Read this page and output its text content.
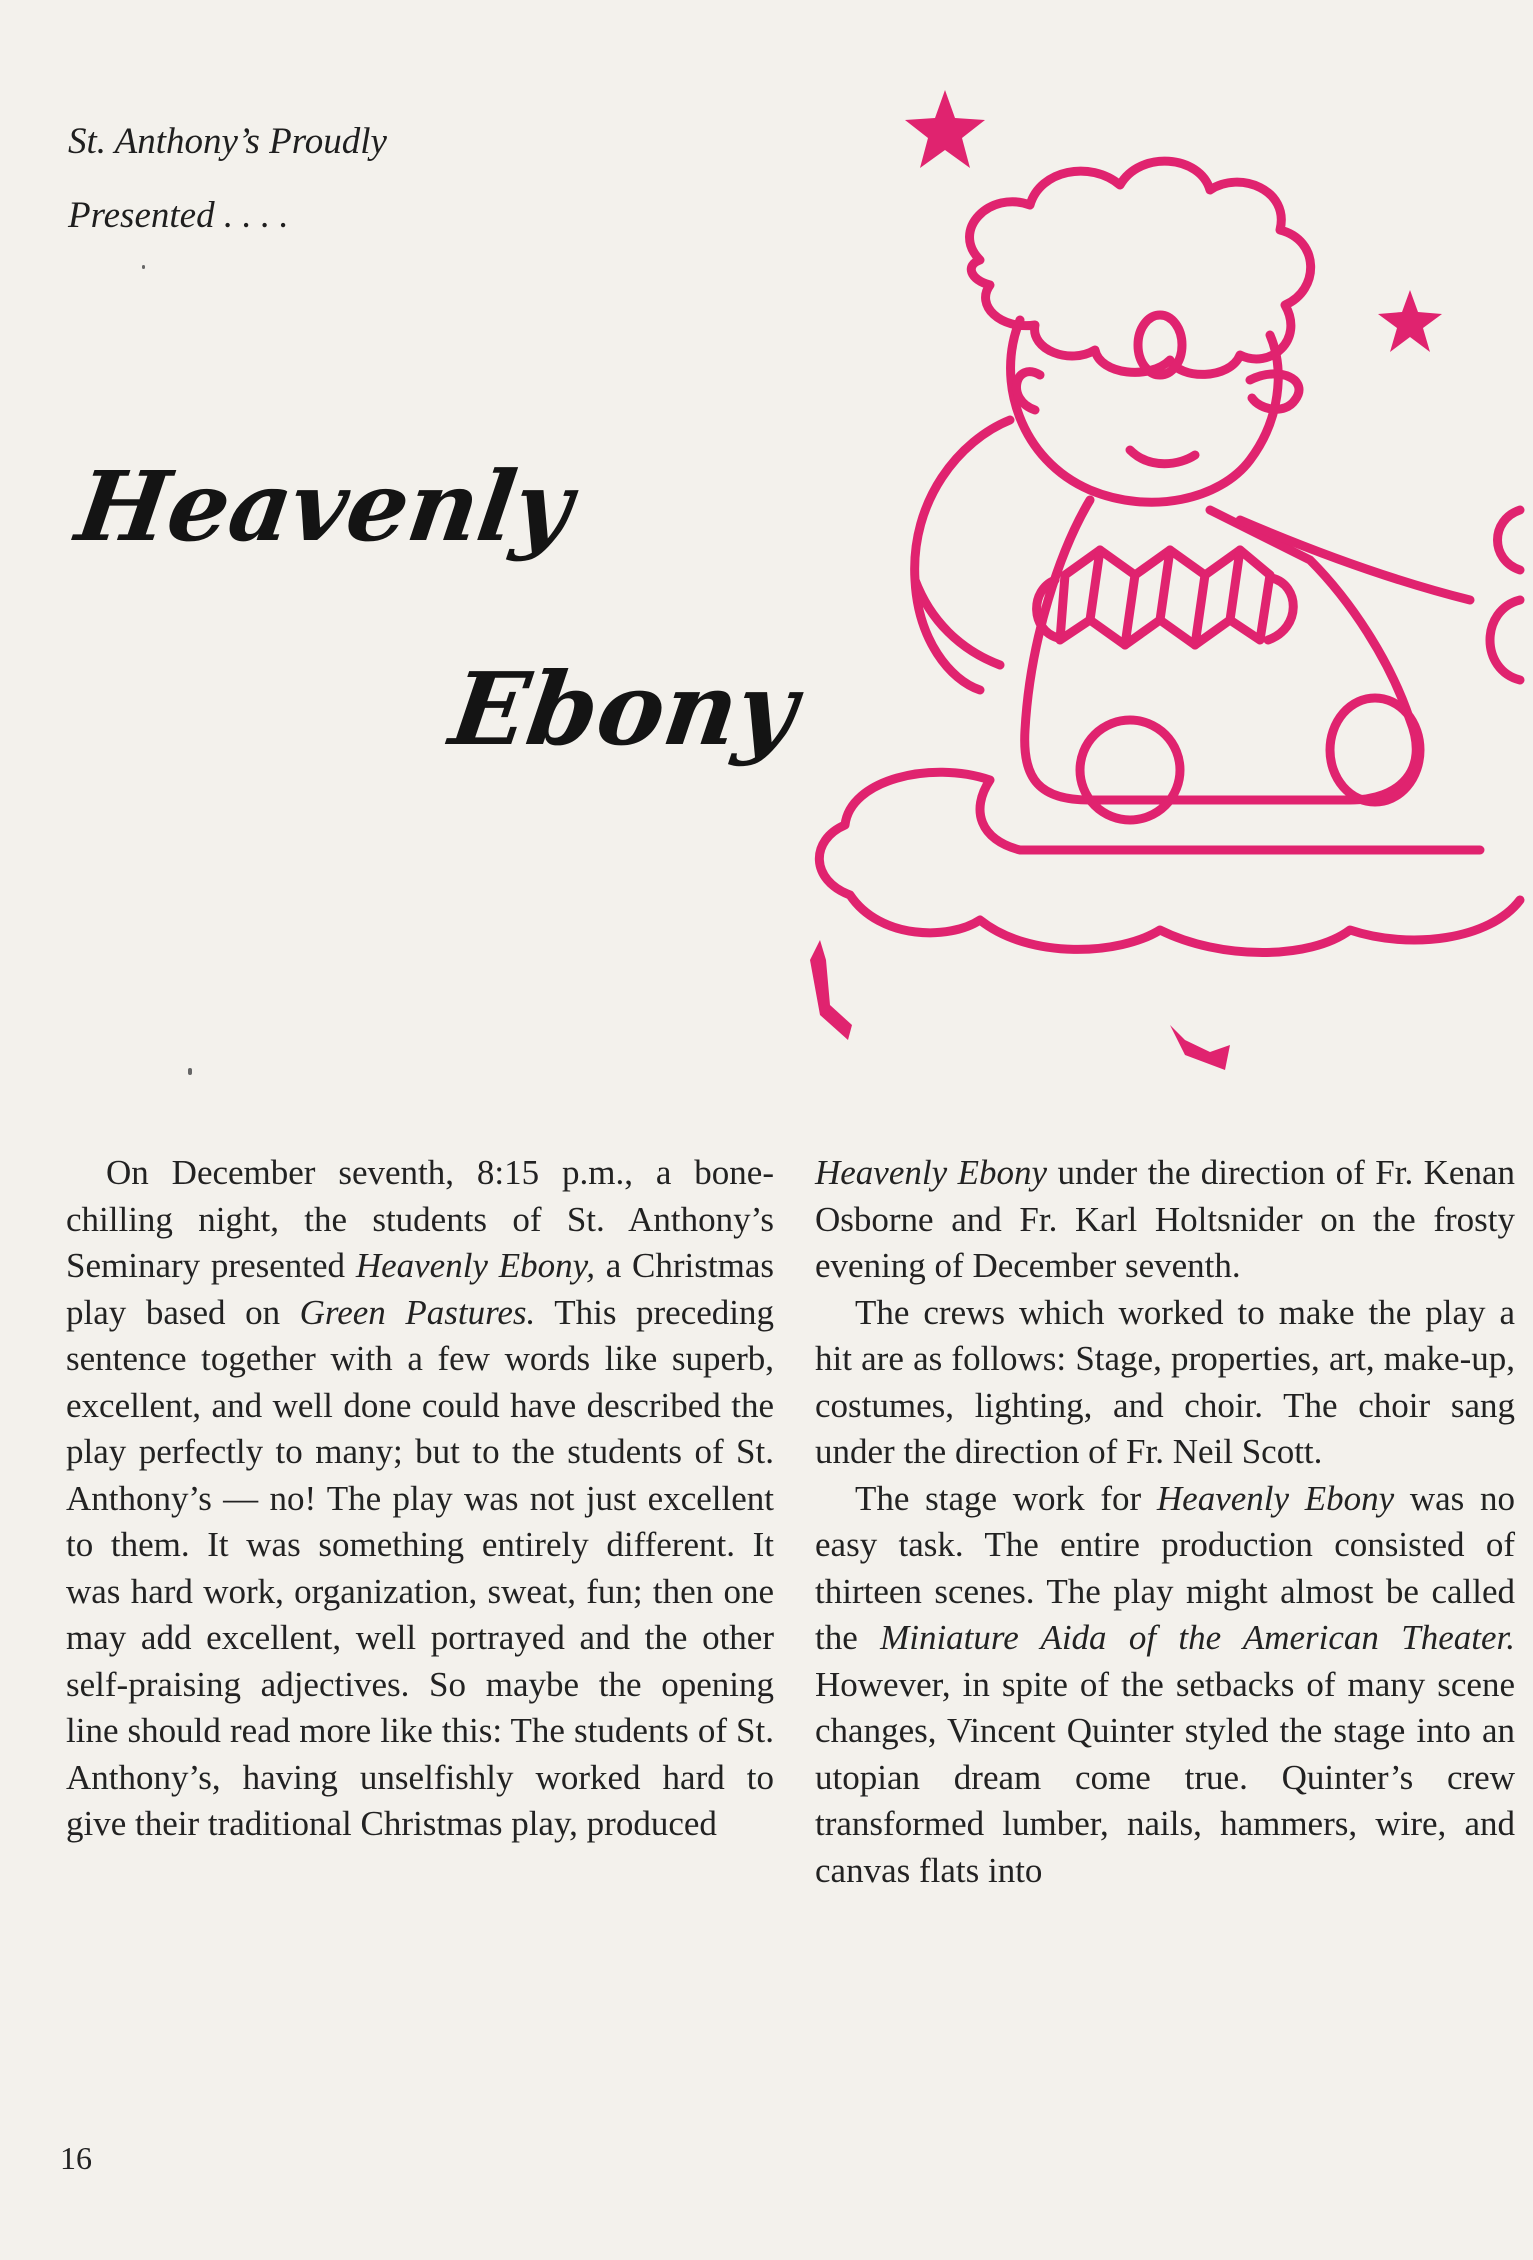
St. Anthony’s Proudly
Presented . . . .
Heavenly
Ebony

On December seventh, 8:15 p.m., a bone-chilling night, the students of St. Anthony’s Seminary presented Heavenly Ebony, a Christmas play based on Green Pastures. This preceding sentence together with a few words like superb, excellent, and well done could have described the play perfectly to many; but to the students of St. Anthony’s — no! The play was not just excellent to them. It was something entirely different. It was hard work, organization, sweat, fun; then one may add excellent, well portrayed and the other self-praising adjectives. So maybe the opening line should read more like this: The students of St. Anthony’s, having unselfishly worked hard to give their traditional Christmas play, produced

Heavenly Ebony under the direction of Fr. Kenan Osborne and Fr. Karl Holtsnider on the frosty evening of December seventh.

The crews which worked to make the play a hit are as follows: Stage, properties, art, make-up, costumes, lighting, and choir. The choir sang under the direction of Fr. Neil Scott.

The stage work for Heavenly Ebony was no easy task. The entire production consisted of thirteen scenes. The play might almost be called the Miniature Aida of the American Theater. However, in spite of the setbacks of many scene changes, Vincent Quinter styled the stage into an utopian dream come true. Quinter’s crew transformed lumber, nails, hammers, wire, and canvas flats into

16
